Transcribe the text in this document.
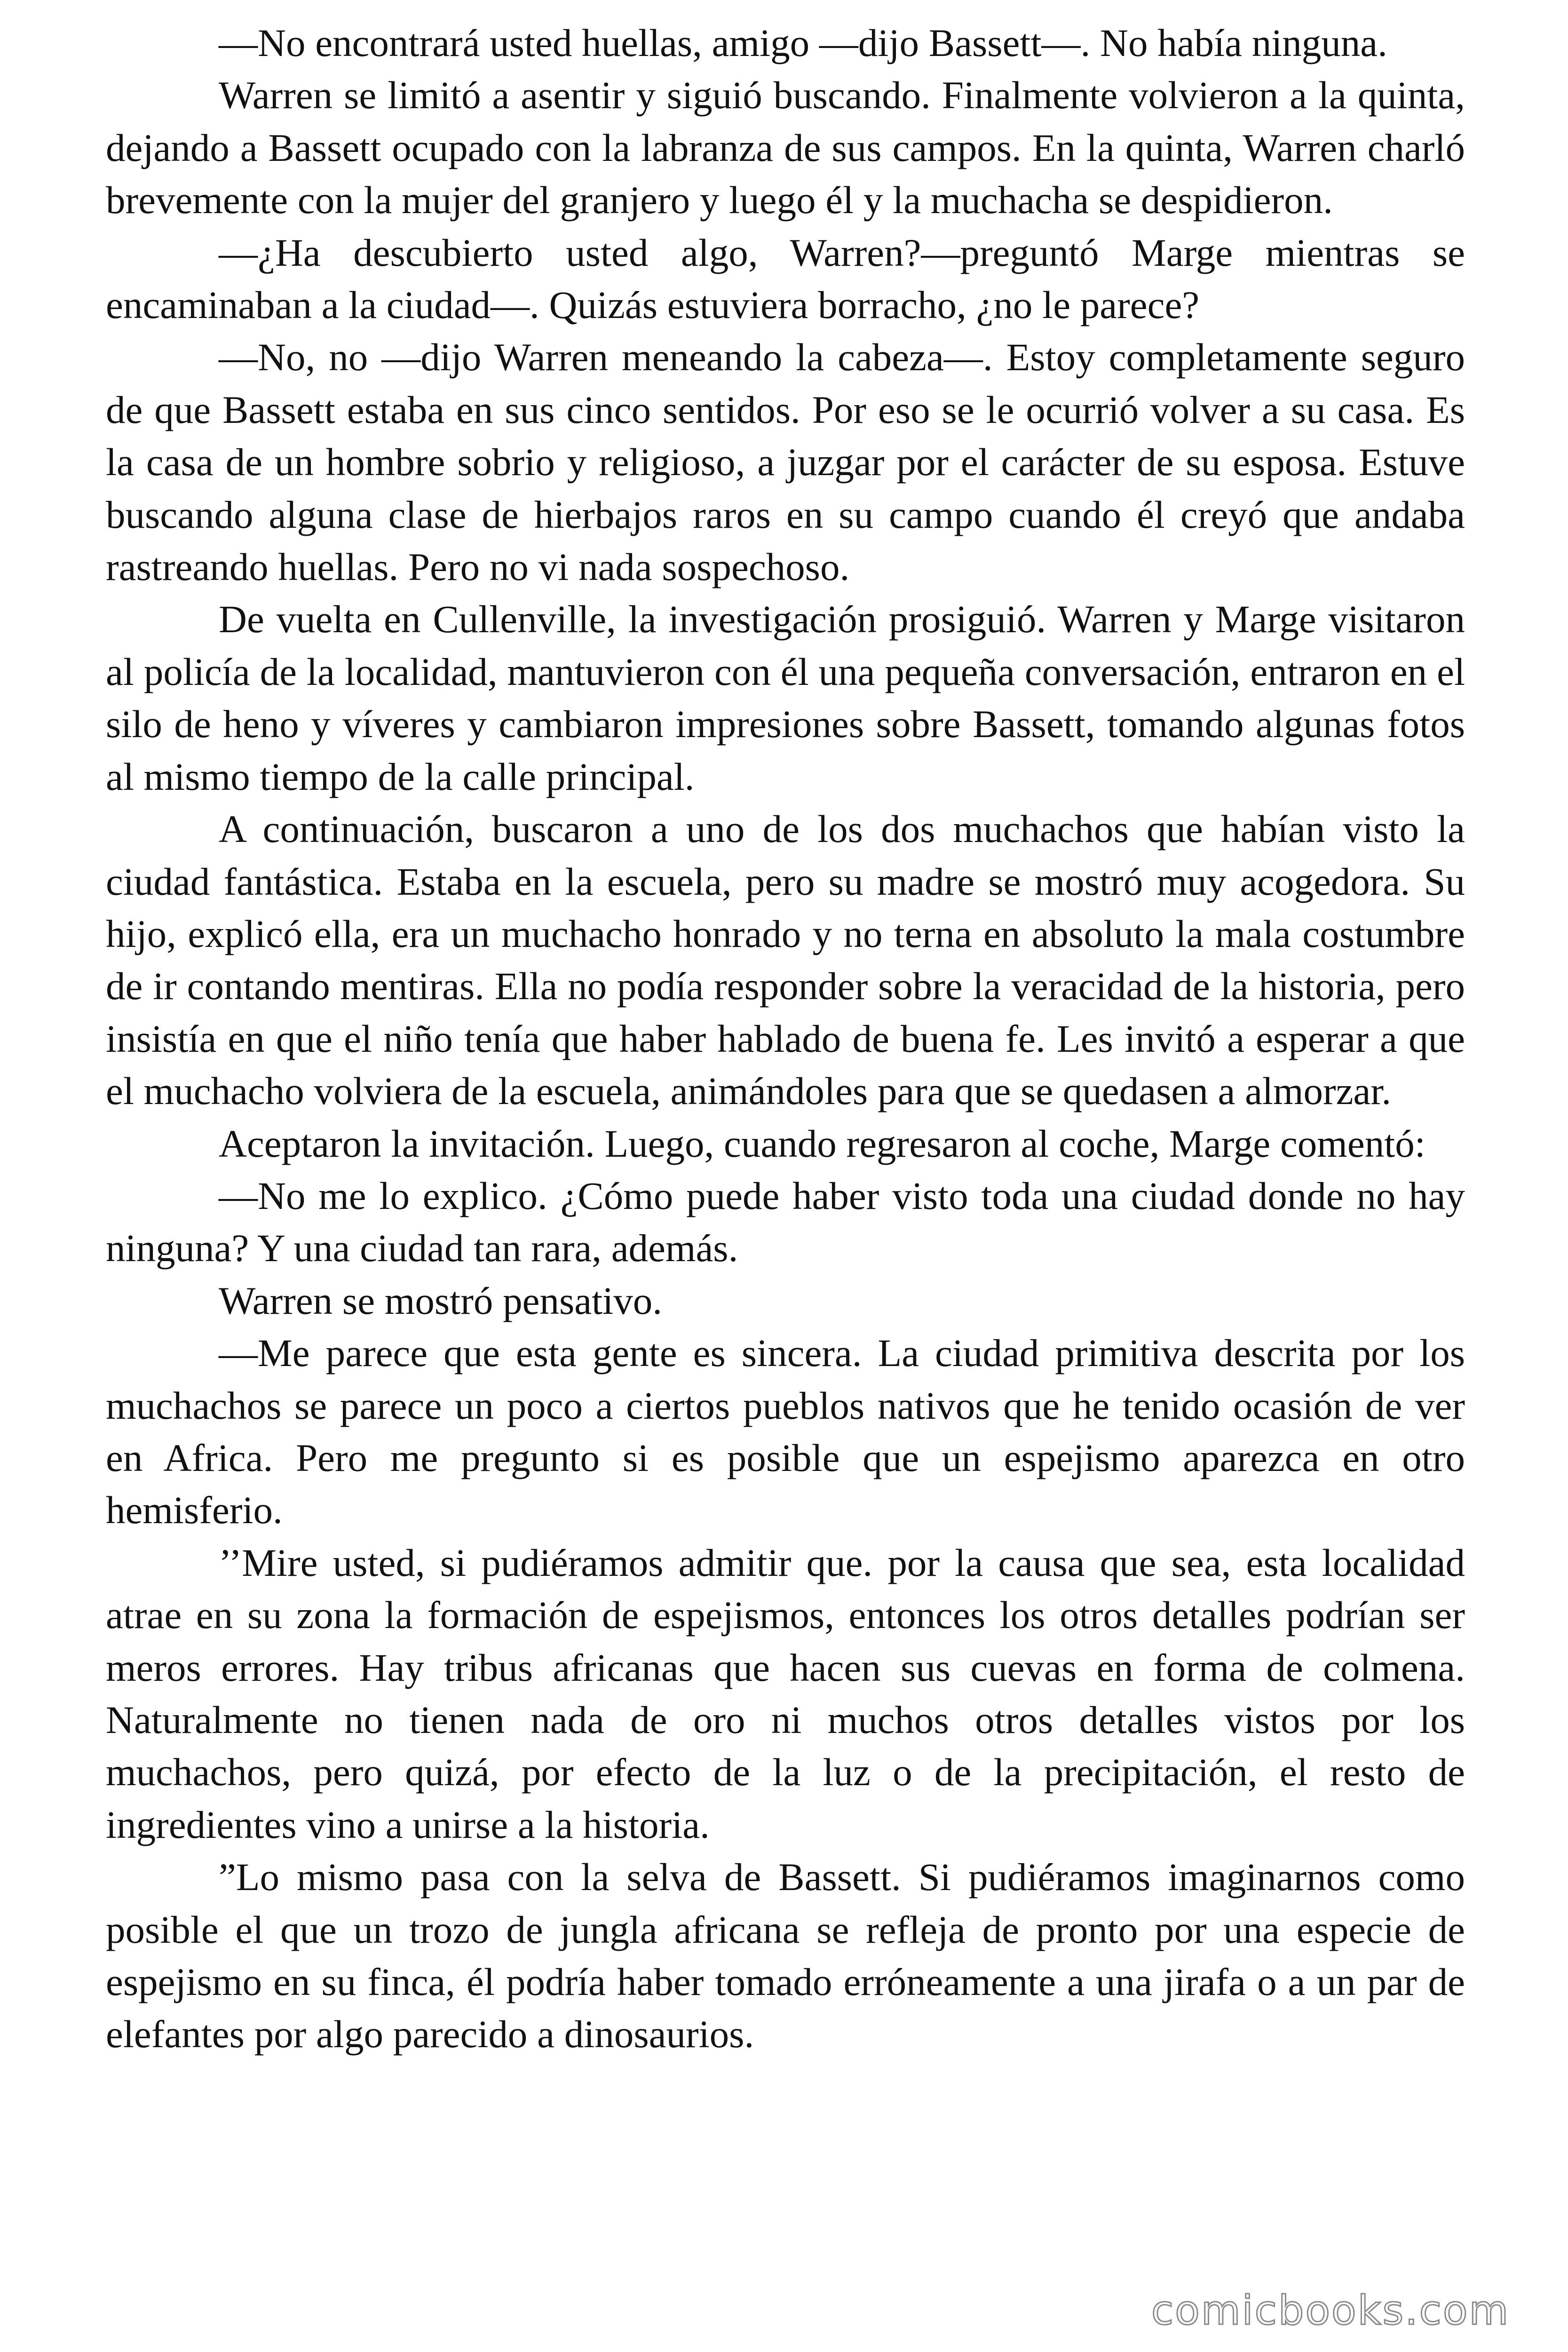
—No encontrará usted huellas, amigo —dijo Bassett—. No había ninguna.

Warren se limitó a asentir y siguió buscando. Finalmente volvieron a la quinta, dejando a Bassett ocupado con la labranza de sus campos. En la quinta, Warren charló brevemente con la mujer del granjero y luego él y la muchacha se despidieron.

—¿Ha descubierto usted algo, Warren?—preguntó Marge mientras se encaminaban a la ciudad—. Quizás estuviera borracho, ¿no le parece?

—No, no —dijo Warren meneando la cabeza—. Estoy completamente seguro de que Bassett estaba en sus cinco sentidos. Por eso se le ocurrió volver a su casa. Es la casa de un hombre sobrio y religioso, a juzgar por el carácter de su esposa. Estuve buscando alguna clase de hierbajos raros en su campo cuando él creyó que andaba rastreando huellas. Pero no vi nada sospechoso.

De vuelta en Cullenville, la investigación prosiguió. Warren y Marge visitaron al policía de la localidad, mantuvieron con él una pequeña conversación, entraron en el silo de heno y víveres y cambiaron impresiones sobre Bassett, tomando algunas fotos al mismo tiempo de la calle principal.

A continuación, buscaron a uno de los dos muchachos que habían visto la ciudad fantástica. Estaba en la escuela, pero su madre se mostró muy acogedora. Su hijo, explicó ella, era un muchacho honrado y no terna en absoluto la mala costumbre de ir contando mentiras. Ella no podía responder sobre la veracidad de la historia, pero insistía en que el niño tenía que haber hablado de buena fe. Les invitó a esperar a que el muchacho volviera de la escuela, animándoles para que se quedasen a almorzar.

Aceptaron la invitación. Luego, cuando regresaron al coche, Marge comentó:

—No me lo explico. ¿Cómo puede haber visto toda una ciudad donde no hay ninguna? Y una ciudad tan rara, además.

Warren se mostró pensativo.

—Me parece que esta gente es sincera. La ciudad primitiva descrita por los muchachos se parece un poco a ciertos pueblos nativos que he tenido ocasión de ver en Africa. Pero me pregunto si es posible que un espejismo aparezca en otro hemisferio.

’’Mire usted, si pudiéramos admitir que. por la causa que sea, esta localidad atrae en su zona la formación de espejismos, entonces los otros detalles podrían ser meros errores. Hay tribus africanas que hacen sus cuevas en forma de colmena. Naturalmente no tienen nada de oro ni muchos otros detalles vistos por los muchachos, pero quizá, por efecto de la luz o de la precipitación, el resto de ingredientes vino a unirse a la historia.

”Lo mismo pasa con la selva de Bassett. Si pudiéramos imaginarnos como posible el que un trozo de jungla africana se refleja de pronto por una especie de espejismo en su finca, él podría haber tomado erróneamente a una jirafa o a un par de elefantes por algo parecido a dinosaurios.

comicbooks.com
